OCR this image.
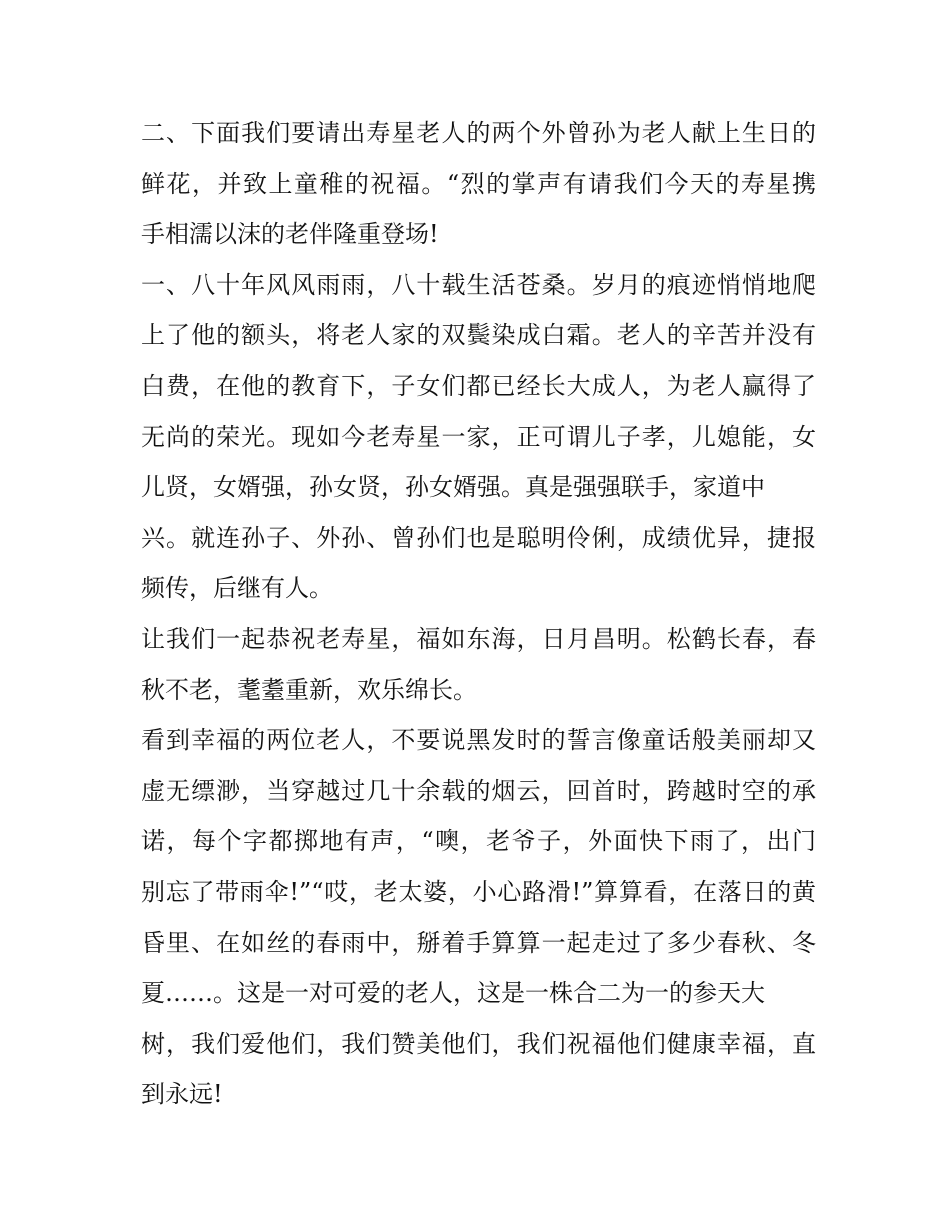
二、下面我们要请出寿星老人的两个外曾孙为老人献上生日的
鲜花，并致上童稚的祝福。“烈的掌声有请我们今天的寿星携
手相濡以沫的老伴隆重登场!
一、八十年风风雨雨，八十载生活苍桑。岁月的痕迹悄悄地爬
上了他的额头，将老人家的双鬓染成白霜。老人的辛苦并没有
白费，在他的教育下，子女们都已经长大成人，为老人赢得了
无尚的荣光。现如今老寿星一家，正可谓儿子孝，儿媳能，女
儿贤，女婿强，孙女贤，孙女婿强。真是强强联手，家道中
兴。就连孙子、外孙、曾孙们也是聪明伶俐，成绩优异，捷报
频传，后继有人。
让我们一起恭祝老寿星，福如东海，日月昌明。松鹤长春，春
秋不老，耄耋重新，欢乐绵长。
看到幸福的两位老人，不要说黑发时的誓言像童话般美丽却又
虚无缥渺，当穿越过几十余载的烟云，回首时，跨越时空的承
诺，每个字都掷地有声，“噢，老爷子，外面快下雨了，出门
别忘了带雨伞!”“哎，老太婆，小心路滑!”算算看，在落日的黄
昏里、在如丝的春雨中，掰着手算算一起走过了多少春秋、冬
夏……。这是一对可爱的老人，这是一株合二为一的参天大
树，我们爱他们，我们赞美他们，我们祝福他们健康幸福，直
到永远!
